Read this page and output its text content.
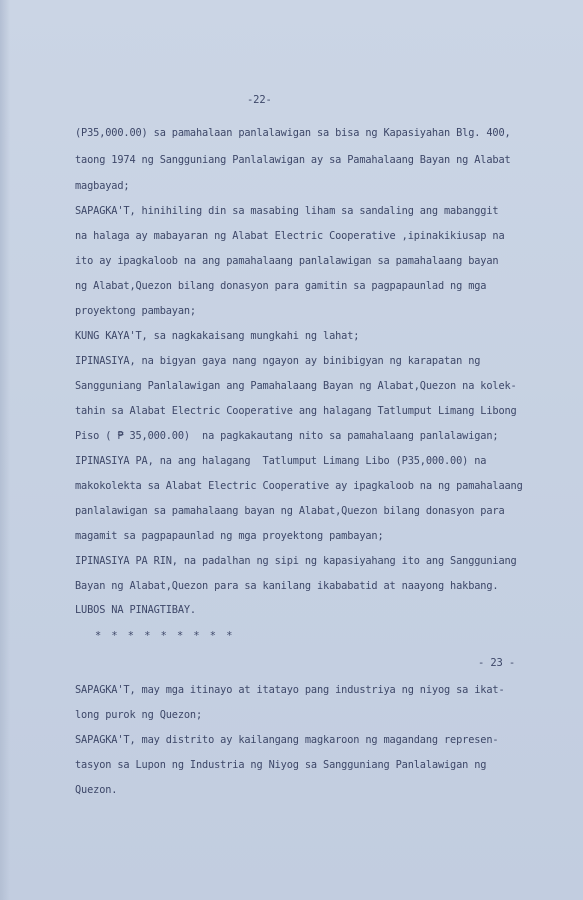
-22-
(P35,000.00) sa pamahalaan panlalawigan sa bisa ng Kapasiyahan Blg. 400,
taong 1974 ng Sangguniang Panlalawigan ay sa Pamahalaang Bayan ng Alabat
magbayad;
SAPAGKA'T, hinihiling din sa masabing liham sa sandaling ang mabanggit
na halaga ay mabayaran ng Alabat Electric Cooperative ,ipinakikiusap na
ito ay ipagkaloob na ang pamahalaang panlalawigan sa pamahalaang bayan
ng Alabat,Quezon bilang donasyon para gamitin sa pagpapaunlad ng mga
proyektong pambayan;
KUNG KAYA'T, sa nagkakaisang mungkahi ng lahat;
IPINASIYA, na bigyan gaya nang ngayon ay binibigyan ng karapatan ng
Sangguniang Panlalawigan ang Pamahalaang Bayan ng Alabat,Quezon na kolek-
tahin sa Alabat Electric Cooperative ang halagang Tatlumput Limang Libong
Piso ( ₱ 35,000.00)  na pagkakautang nito sa pamahalaang panlalawigan;
IPINASIYA PA, na ang halagang  Tatlumput Limang Libo (P35,000.00) na
makokolekta sa Alabat Electric Cooperative ay ipagkaloob na ng pamahalaang
panlalawigan sa pamahalaang bayan ng Alabat,Quezon bilang donasyon para
magamit sa pagpapaunlad ng mga proyektong pambayan;
IPINASIYA PA RIN, na padalhan ng sipi ng kapasiyahang ito ang Sangguniang
Bayan ng Alabat,Quezon para sa kanilang ikababatid at naayong hakbang.
LUBOS NA PINAGTIBAY.
* * * * * * * * *
- 23 -
SAPAGKA'T, may mga itinayo at itatayo pang industriya ng niyog sa ikat-
long purok ng Quezon;
SAPAGKA'T, may distrito ay kailangang magkaroon ng magandang represen-
tasyon sa Lupon ng Industria ng Niyog sa Sangguniang Panlalawigan ng
Quezon.
